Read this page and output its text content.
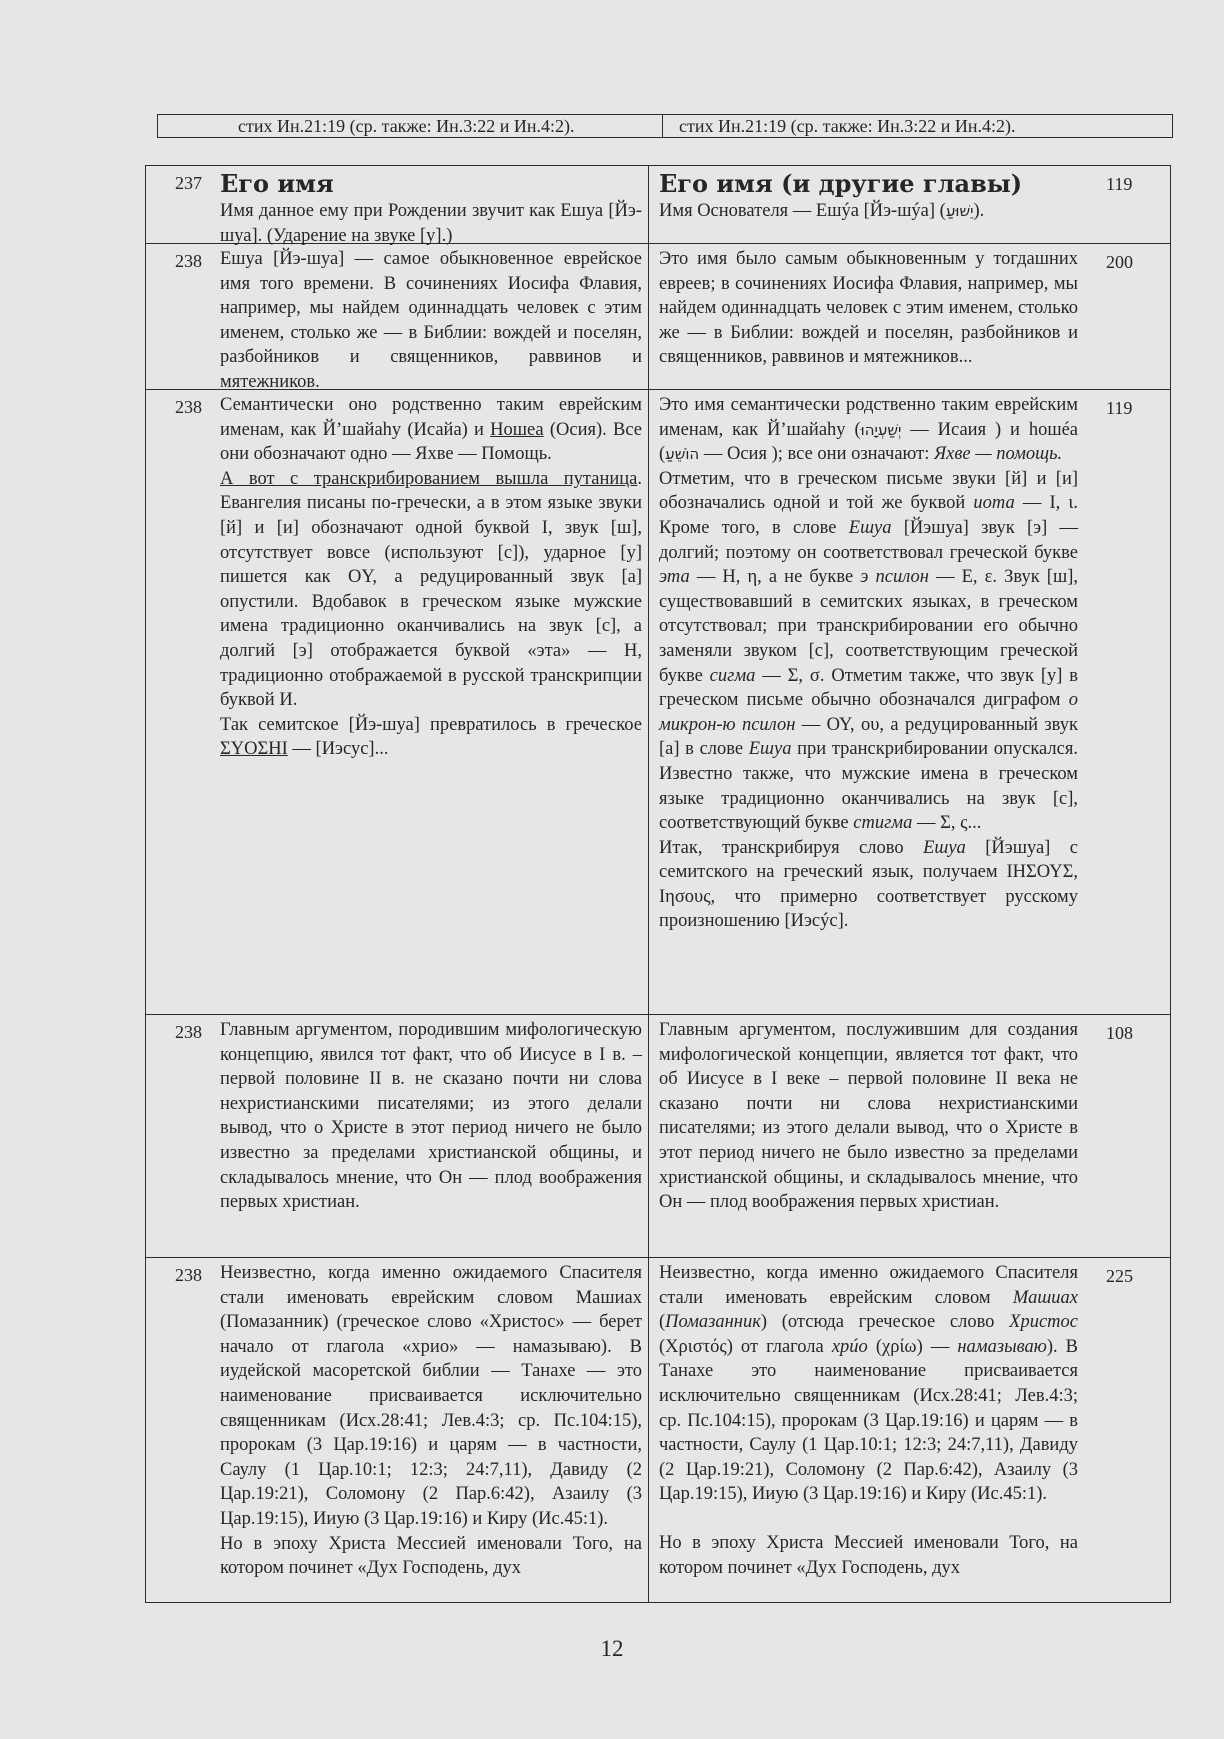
стих Ин.21:19 (ср. также: Ин.3:22 и Ин.4:2).	стих Ин.21:19 (ср. также: Ин.3:22 и Ин.4:2).
237 Его имя

Имя данное ему при Рождении звучит как Ешуа [Йэ-шуа]. (Ударение на звуке [у].)

Его имя (и другие главы)

Имя Основателя — Ешýа [Йэ-шýа] (יֵשׁוּעַ).

119
238 Ешуа [Йэ-шуа] — самое обыкновенное еврейское имя того времени. В сочинениях Иосифа Флавия, например, мы найдем одиннадцать человек с этим именем, столько же — в Библии: вождей и поселян, разбойников и священников, раввинов и мятежников.

Это имя было самым обыкновенным у тогдашних евреев; в сочинениях Иосифа Флавия, например, мы найдем одиннадцать человек с этим именем, столько же — в Библии: вождей и поселян, разбойников и священников, раввинов и мятежников...

200
238 Семантически оно родственно таким еврейским именам, как Й’шайаhу (Исайа) и Ношеа (Осия). Все они обозначают одно — Яхве — Помощь.

А вот с транскрибированием вышла путаница. Евангелия писаны по-гречески, а в этом языке звуки [й] и [и] обозначают одной буквой I, звук [ш], отсутствует вовсе (используют [с]), ударное [у] пишется как ОY, а редуцированный звук [а] опустили. Вдобавок в греческом языке мужские имена традиционно оканчивались на звук [с], а долгий [э] отображается буквой «эта» — Н, традиционно отображаемой в русской транскрипции буквой И.

Так семитское [Йэ-шуа] превратилось в греческое ΣYOΣHI — [Иэсус]...

Это имя семантически родственно таким еврейским именам, как Й’шайаhу (יְשַׁעְיָהוּ — Исаия ) и hошéа (הוֹשֵׁעַ — Осия ); все они означают: Яхве — помощь.

Отметим, что в греческом письме звуки [й] и [и] обозначались одной и той же буквой иота — I, ι. Кроме того, в слове Ешуа [Йэшуа] звук [э] — долгий; поэтому он соответствовал греческой букве эта — Η, η, а не букве э псилон — Ε, ε. Звук [ш], существовавший в семитских языках, в греческом отсутствовал; при транскрибировании его обычно заменяли звуком [с], соответствующим греческой букве сигма — Σ, σ. Отметим также, что звук [у] в греческом письме обычно обозначался диграфом о микрон-ю псилон — ΟΥ, ου, а редуцированный звук [а] в слове Ешуа при транскрибировании опускался. Известно также, что мужские имена в греческом языке традиционно оканчивались на звук [с], соответствующий букве стигма — Σ, ς...

Итак, транскрибируя слово Ешуа [Йэшуа] с семитского на греческий язык, получаем ΙΗΣΟΥΣ, Ιησους, что примерно соответствует русскому произношению [Иэсýс].

119
238 Главным аргументом, породившим мифологическую концепцию, явился тот факт, что об Иисусе в I в. – первой половине II в. не сказано почти ни слова нехристианскими писателями; из этого делали вывод, что о Христе в этот период ничего не было известно за пределами христианской общины, и складывалось мнение, что Он — плод воображения первых христиан.

Главным аргументом, послужившим для создания мифологической концепции, является тот факт, что об Иисусе в I веке – первой половине II века не сказано почти ни слова нехристианскими писателями; из этого делали вывод, что о Христе в этот период ничего не было известно за пределами христианской общины, и складывалось мнение, что Он — плод воображения первых христиан.

108
238 Неизвестно, когда именно ожидаемого Спасителя стали именовать еврейским словом Машиах (Помазанник) (греческое слово «Христос» — берет начало от глагола «хрио» — намазываю). В иудейской масоретской библии — Танахе — это наименование присваивается исключительно священникам (Исх.28:41; Лев.4:3; ср. Пс.104:15), пророкам (3 Цар.19:16) и царям — в частности, Саулу (1 Цар.10:1; 12:3; 24:7,11), Давиду (2 Цар.19:21), Соломону (2 Пар.6:42), Азаилу (3 Цар.19:15), Ииую (3 Цар.19:16) и Киру (Ис.45:1).

Но в эпоху Христа Мессией именовали Того, на котором починет «Дух Господень, дух

Неизвестно, когда именно ожидаемого Спасителя стали именовать еврейским словом Машиах (Помазанник) (отсюда греческое слово Христос (Χριστός) от глагола хрúо (χρίω) — намазываю). В Танахе это наименование присваивается исключительно священникам (Исх.28:41; Лев.4:3; ср. Пс.104:15), пророкам (3 Цар.19:16) и царям — в частности, Саулу (1 Цар.10:1; 12:3; 24:7,11), Давиду (2 Цар.19:21), Соломону (2 Пар.6:42), Азаилу (3 Цар.19:15), Ииую (3 Цар.19:16) и Киру (Ис.45:1).

Но в эпоху Христа Мессией именовали Того, на котором починет «Дух Господень, дух

225
12
